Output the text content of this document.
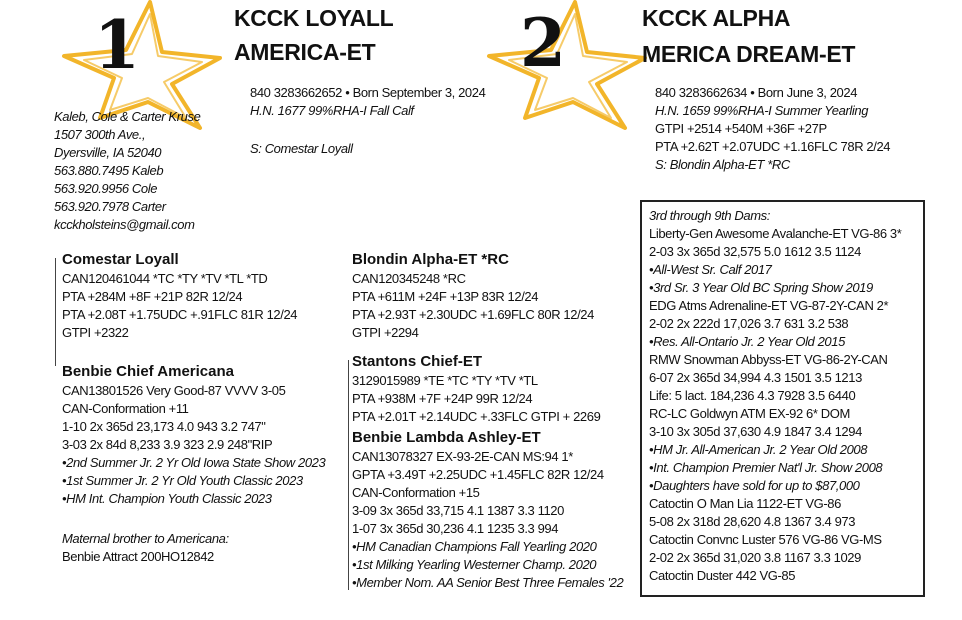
1	KCCK LOYALL
AMERICA-ET
840 3283662652 • Born September 3, 2024
H.N. 1677 99%RHA-I Fall Calf
S: Comestar Loyall
Kaleb, Cole & Carter Kruse
1507 300th Ave.,
Dyersville, IA 52040
563.880.7495 Kaleb
563.920.9956 Cole
563.920.7978 Carter
kcckholsteins@gmail.com
Comestar Loyall
CAN120461044 *TC *TY *TV *TL *TD
PTA +284M +8F +21P 82R 12/24
PTA +2.08T +1.75UDC +.91FLC 81R 12/24
GTPI +2322
Benbie Chief Americana
CAN13801526 Very Good-87 VVVV 3-05
CAN-Conformation +11
1-10 2x 365d 23,173 4.0 943 3.2 747"
3-03 2x 84d 8,233 3.9 323 2.9 248"RIP
•2nd Summer Jr. 2 Yr Old Iowa State Show 2023
•1st Summer Jr. 2 Yr Old Youth Classic 2023
•HM Int. Champion Youth Classic 2023
Maternal brother to Americana:
Benbie Attract 200HO12842
2	KCCK ALPHA
MERICA DREAM-ET
840 3283662634 • Born June 3, 2024
H.N. 1659 99%RHA-I Summer Yearling
GTPI +2514 +540M +36F +27P
PTA +2.62T +2.07UDC +1.16FLC 78R 2/24
S: Blondin Alpha-ET *RC
Blondin Alpha-ET *RC
CAN120345248 *RC
PTA +611M +24F +13P 83R 12/24
PTA +2.93T +2.30UDC +1.69FLC 80R 12/24
GTPI +2294
Stantons Chief-ET
3129015989 *TE *TC *TY *TV *TL
PTA +938M +7F +24P 99R 12/24
PTA +2.01T +2.14UDC +.33FLC GTPI + 2269
Benbie Lambda Ashley-ET
CAN13078327 EX-93-2E-CAN MS:94 1*
GPTA +3.49T +2.25UDC +1.45FLC 82R 12/24
CAN-Conformation +15
3-09 3x 365d 33,715 4.1 1387 3.3 1120
1-07 3x 365d 30,236 4.1 1235 3.3 994
•HM Canadian Champions Fall Yearling 2020
•1st Milking Yearling Westerner Champ. 2020
•Member Nom. AA Senior Best Three Females '22
3rd through 9th Dams:
Liberty-Gen Awesome Avalanche-ET VG-86 3*
2-03 3x 365d 32,575 5.0 1612 3.5 1124
•All-West Sr. Calf 2017
•3rd Sr. 3 Year Old BC Spring Show 2019
EDG Atms Adrenaline-ET VG-87-2Y-CAN 2*
2-02 2x 222d 17,026 3.7 631 3.2 538
•Res. All-Ontario Jr. 2 Year Old 2015
RMW Snowman Abbyss-ET VG-86-2Y-CAN
6-07 2x 365d 34,994 4.3 1501 3.5 1213
Life: 5 lact. 184,236 4.3 7928 3.5 6440
RC-LC Goldwyn ATM EX-92 6* DOM
3-10 3x 305d 37,630 4.9 1847 3.4 1294
•HM Jr. All-American Jr. 2 Year Old 2008
•Int. Champion Premier Nat'l Jr. Show 2008
•Daughters have sold for up to $87,000
Catoctin O Man Lia 1122-ET VG-86
5-08 2x 318d 28,620 4.8 1367 3.4 973
Catoctin Convnc Luster 576 VG-86 VG-MS
2-02 2x 365d 31,020 3.8 1167 3.3 1029
Catoctin Duster 442 VG-85
